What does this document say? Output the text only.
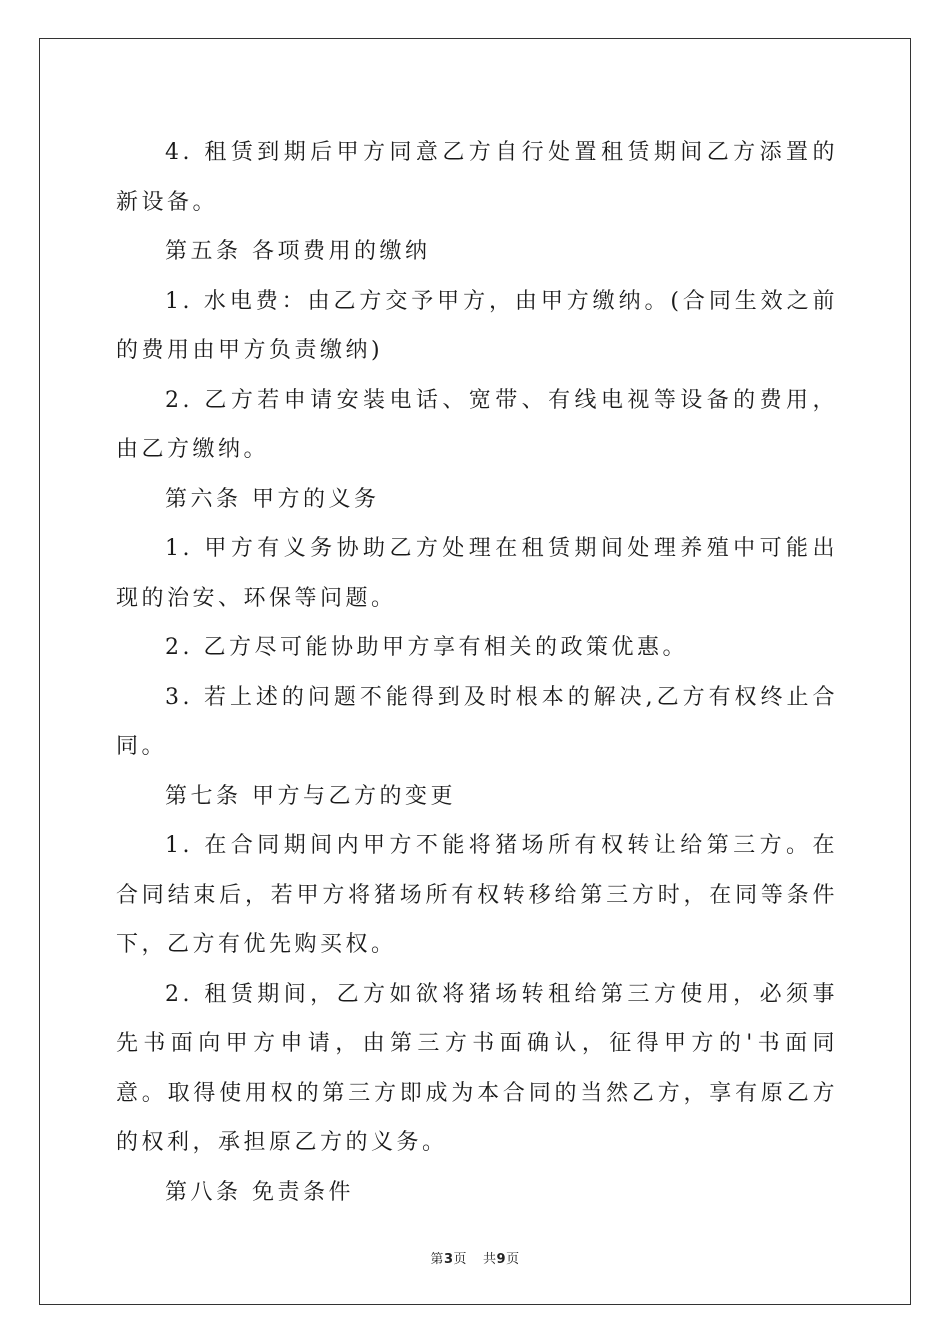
4. 租赁到期后甲方同意乙方自行处置租赁期间乙方添置的新设备。

第五条 各项费用的缴纳

1. 水电费：由乙方交予甲方，由甲方缴纳。(合同生效之前的费用由甲方负责缴纳)

2. 乙方若申请安装电话、宽带、有线电视等设备的费用，由乙方缴纳。

第六条 甲方的义务

1. 甲方有义务协助乙方处理在租赁期间处理养殖中可能出现的治安、环保等问题。

2. 乙方尽可能协助甲方享有相关的政策优惠。

3. 若上述的问题不能得到及时根本的解决,乙方有权终止合同。

第七条 甲方与乙方的变更

1. 在合同期间内甲方不能将猪场所有权转让给第三方。在合同结束后，若甲方将猪场所有权转移给第三方时，在同等条件下，乙方有优先购买权。

2. 租赁期间，乙方如欲将猪场转租给第三方使用，必须事先书面向甲方申请，由第三方书面确认，征得甲方的'书面同意。取得使用权的第三方即成为本合同的当然乙方，享有原乙方的权利，承担原乙方的义务。

第八条 免责条件

第3页 共9页
